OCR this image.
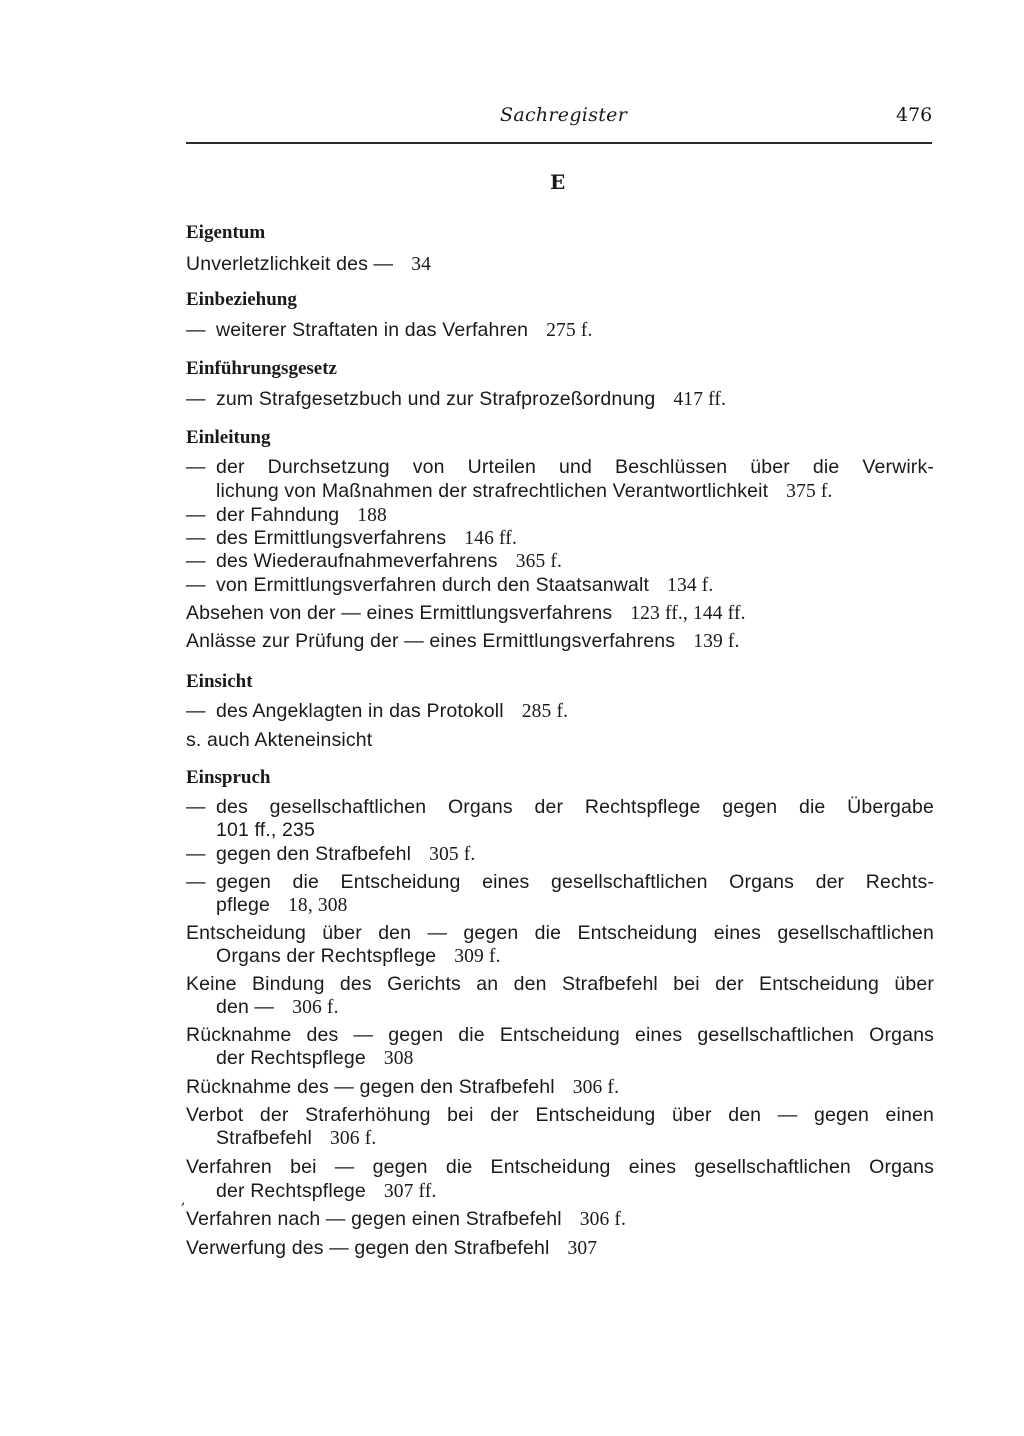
Sachregister	476
E
Eigentum
Unverletzlichkeit des — 34
Einbeziehung
— weiterer Straftaten in das Verfahren 275 f.
Einführungsgesetz
— zum Strafgesetzbuch und zur Strafprozeßordnung 417 ff.
Einleitung
— der Durchsetzung von Urteilen und Beschlüssen über die Verwirk-
lichung von Maßnahmen der strafrechtlichen Verantwortlichkeit 375 f.
— der Fahndung 188
— des Ermittlungsverfahrens 146 ff.
— des Wiederaufnahmeverfahrens 365 f.
— von Ermittlungsverfahren durch den Staatsanwalt 134 f.
Absehen von der — eines Ermittlungsverfahrens 123 ff., 144 ff.
Anlässe zur Prüfung der — eines Ermittlungsverfahrens 139 f.
Einsicht
— des Angeklagten in das Protokoll 285 f.
s. auch Akteneinsicht
Einspruch
— des gesellschaftlichen Organs der Rechtspflege gegen die Übergabe
101 ff., 235
— gegen den Strafbefehl 305 f.
— gegen die Entscheidung eines gesellschaftlichen Organs der Rechts-
pflege 18, 308
Entscheidung über den — gegen die Entscheidung eines gesellschaftlichen
Organs der Rechtspflege 309 f.
Keine Bindung des Gerichts an den Strafbefehl bei der Entscheidung über
den — 306 f.
Rücknahme des — gegen die Entscheidung eines gesellschaftlichen Organs
der Rechtspflege 308
Rücknahme des — gegen den Strafbefehl 306 f.
Verbot der Straferhöhung bei der Entscheidung über den — gegen einen
Strafbefehl 306 f.
Verfahren bei — gegen die Entscheidung eines gesellschaftlichen Organs
der Rechtspflege 307 ff.
Verfahren nach — gegen einen Strafbefehl 306 f.
Verwerfung des — gegen den Strafbefehl 307
,
